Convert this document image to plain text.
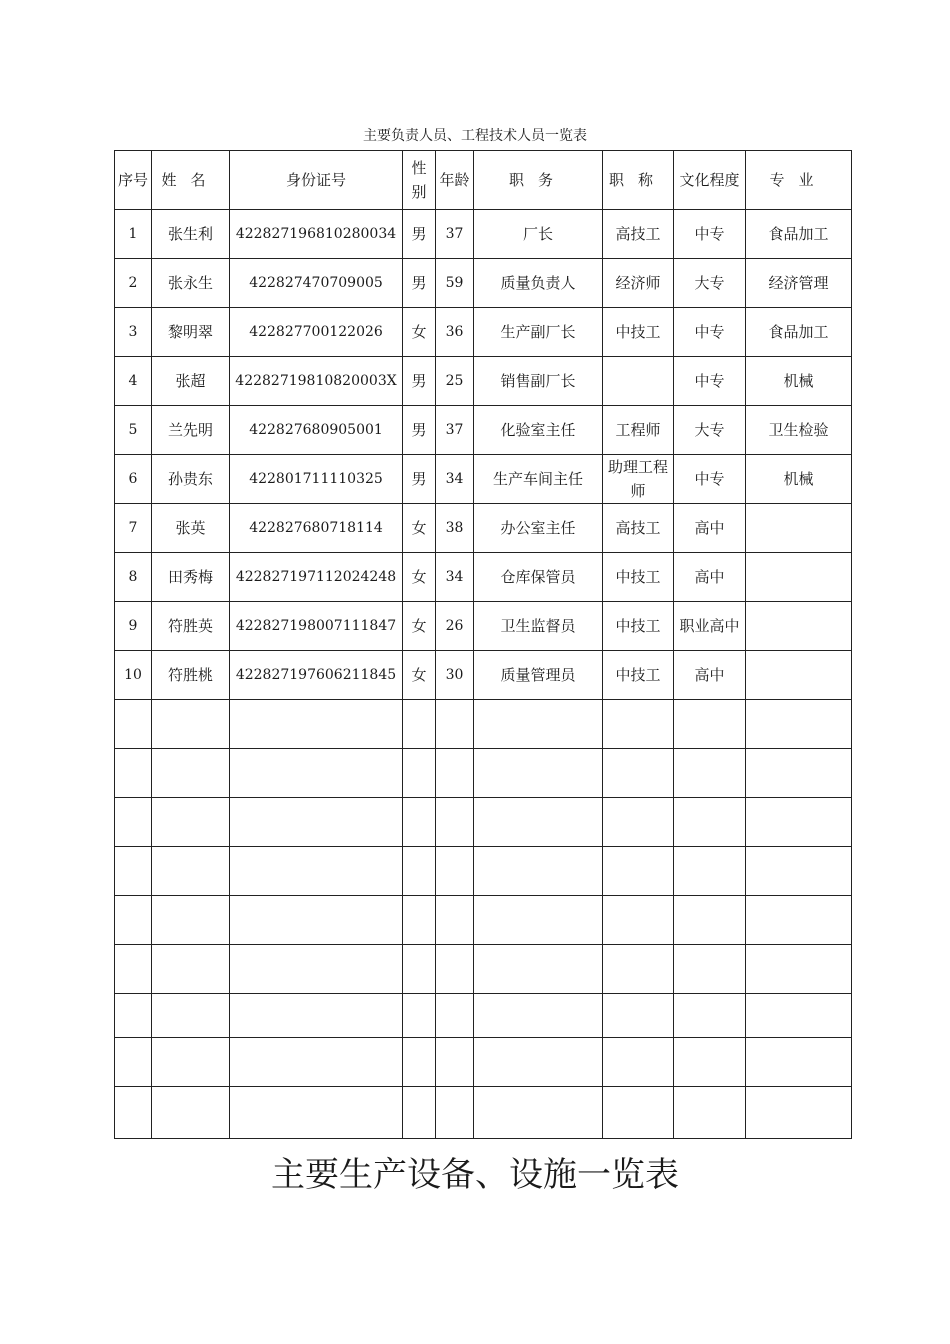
主要负责人员、工程技术人员一览表
序号	姓名	身份证号	性别	年龄	职务	职称	文化程度	专业
1	张生利	422827196810280034	男	37	厂长	高技工	中专	食品加工
2	张永生	422827470709005	男	59	质量负责人	经济师	大专	经济管理
3	黎明翠	422827700122026	女	36	生产副厂长	中技工	中专	食品加工
4	张超	42282719810820003X	男	25	销售副厂长		中专	机械
5	兰先明	422827680905001	男	37	化验室主任	工程师	大专	卫生检验
6	孙贵东	422801711110325	男	34	生产车间主任	助理工程师	中专	机械
7	张英	422827680718114	女	38	办公室主任	高技工	高中	
8	田秀梅	422827197112024248	女	34	仓库保管员	中技工	高中	
9	符胜英	422827198007111847	女	26	卫生监督员	中技工	职业高中	
10	符胜桃	422827197606211845	女	30	质量管理员	中技工	高中	

主要生产设备、设施一览表
